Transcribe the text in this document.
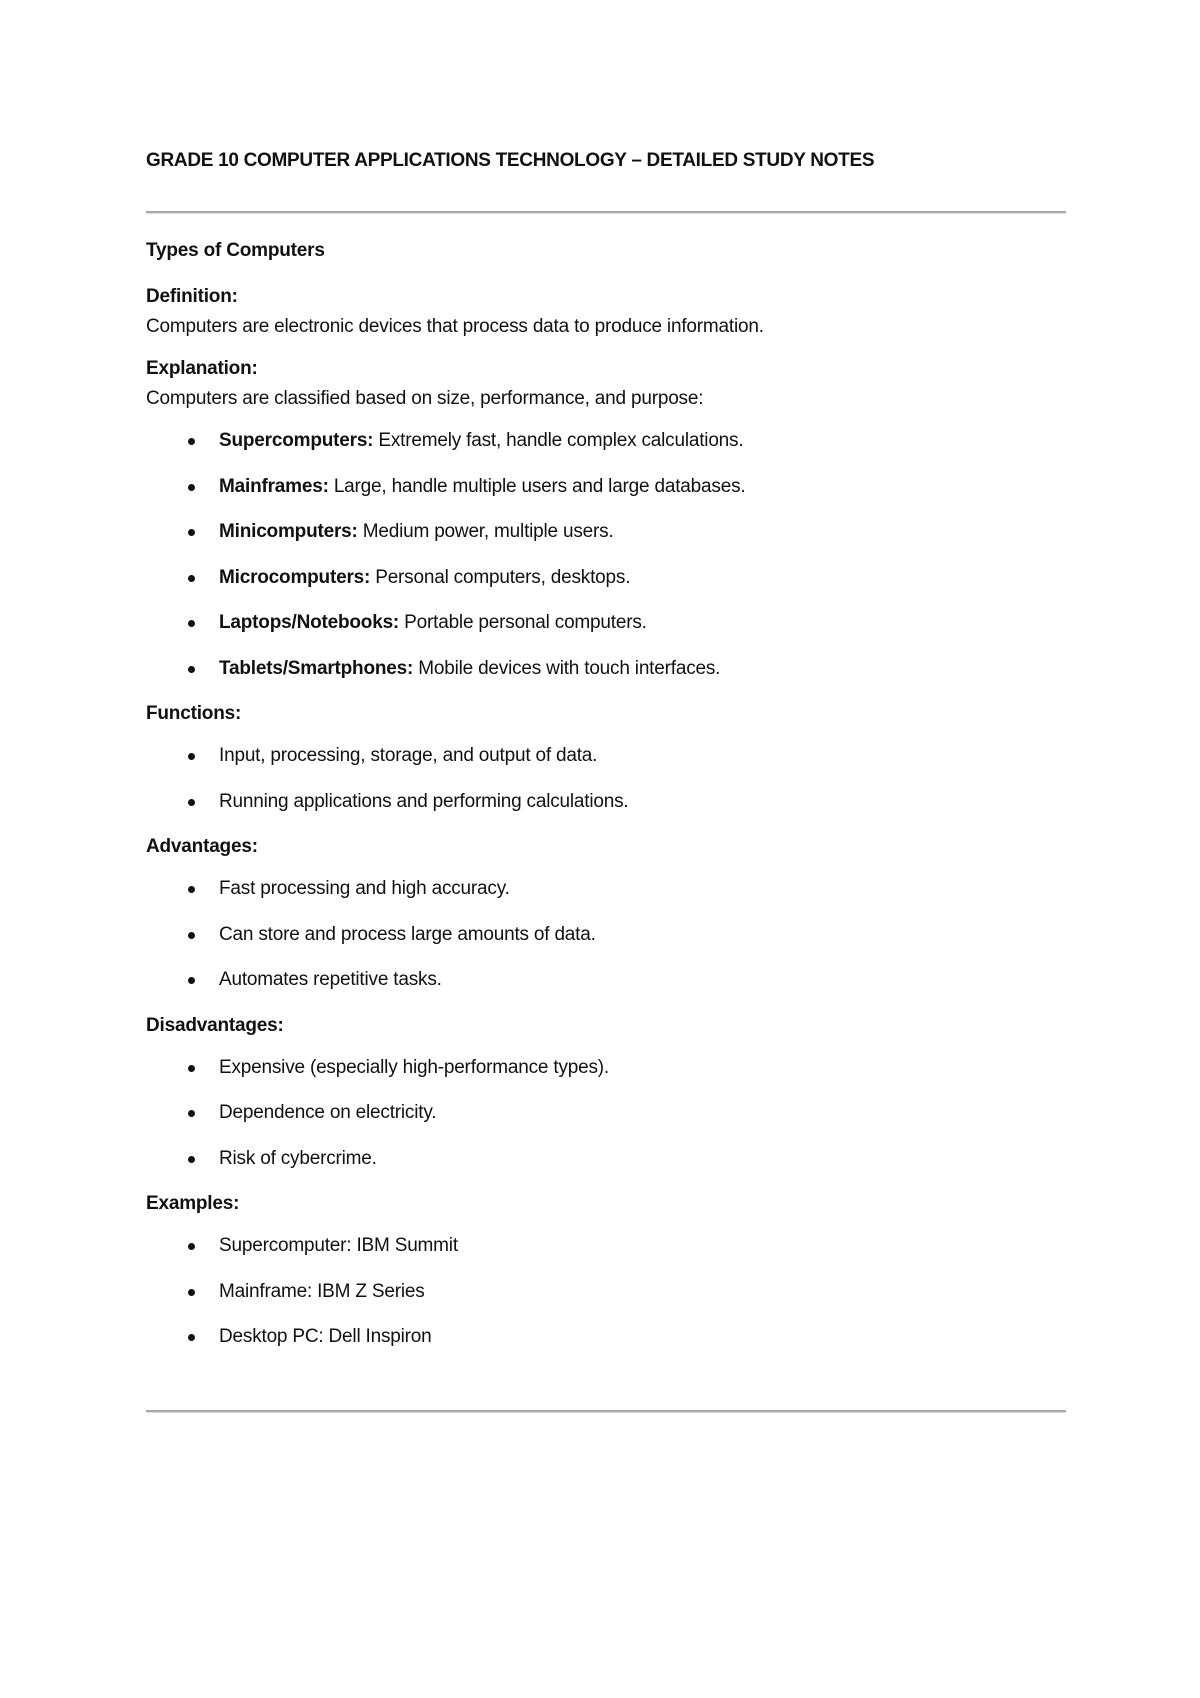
GRADE 10 COMPUTER APPLICATIONS TECHNOLOGY – DETAILED STUDY NOTES

Types of Computers

Definition:

Computers are electronic devices that process data to produce information.

Explanation:

Computers are classified based on size, performance, and purpose:

Supercomputers: Extremely fast, handle complex calculations.
Mainframes: Large, handle multiple users and large databases.
Minicomputers: Medium power, multiple users.
Microcomputers: Personal computers, desktops.
Laptops/Notebooks: Portable personal computers.
Tablets/Smartphones: Mobile devices with touch interfaces.

Functions:

Input, processing, storage, and output of data.
Running applications and performing calculations.

Advantages:

Fast processing and high accuracy.
Can store and process large amounts of data.
Automates repetitive tasks.

Disadvantages:

Expensive (especially high-performance types).
Dependence on electricity.
Risk of cybercrime.

Examples:

Supercomputer: IBM Summit
Mainframe: IBM Z Series
Desktop PC: Dell Inspiron
